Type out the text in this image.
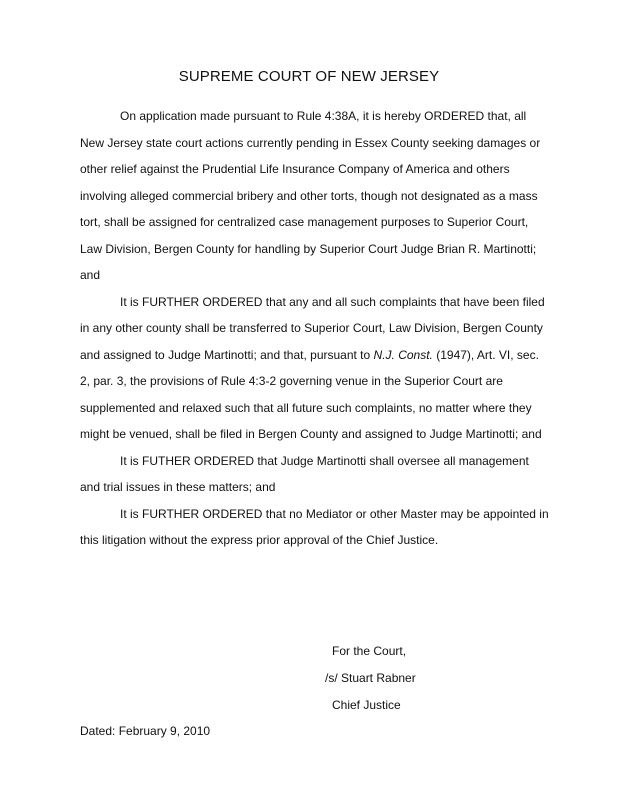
SUPREME COURT OF NEW JERSEY

On application made pursuant to Rule 4:38A, it is hereby ORDERED that, all New Jersey state court actions currently pending in Essex County seeking damages or other relief against the Prudential Life Insurance Company of America and others involving alleged commercial bribery and other torts, though not designated as a mass tort, shall be assigned for centralized case management purposes to Superior Court, Law Division, Bergen County for handling by Superior Court Judge Brian R. Martinotti; and

It is FURTHER ORDERED that any and all such complaints that have been filed in any other county shall be transferred to Superior Court, Law Division, Bergen County and assigned to Judge Martinotti; and that, pursuant to N.J. Const. (1947), Art. VI, sec. 2, par. 3, the provisions of Rule 4:3-2 governing venue in the Superior Court are supplemented and relaxed such that all future such complaints, no matter where they might be venued, shall be filed in Bergen County and assigned to Judge Martinotti; and

It is FUTHER ORDERED that Judge Martinotti shall oversee all management and trial issues in these matters; and

It is FURTHER ORDERED that no Mediator or other Master may be appointed in this litigation without the express prior approval of the Chief Justice.

For the Court,
/s/ Stuart Rabner
Chief Justice
Dated: February 9, 2010
